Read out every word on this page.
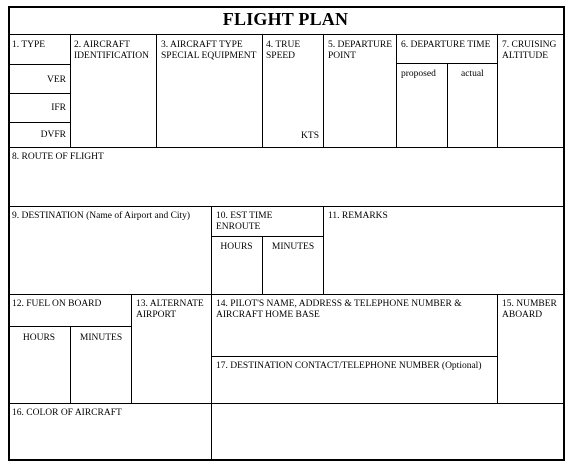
FLIGHT PLAN
1. TYPE
VER
IFR
DVFR
2. AIRCRAFT
IDENTIFICATION
3. AIRCRAFT TYPE
SPECIAL EQUIPMENT
4. TRUE
SPEED
KTS
5. DEPARTURE
POINT
6. DEPARTURE TIME
proposed	actual
7. CRUISING
ALTITUDE
8. ROUTE OF FLIGHT
9. DESTINATION (Name of Airport and City)	10. EST TIME
ENROUTE
HOURS	MINUTES
11. REMARKS
12. FUEL ON BOARD
HOURS	MINUTES
13. ALTERNATE
AIRPORT
14. PILOT'S NAME, ADDRESS & TELEPHONE NUMBER &
AIRCRAFT HOME BASE
15. NUMBER
ABOARD
17. DESTINATION CONTACT/TELEPHONE NUMBER (Optional)
16. COLOR OF AIRCRAFT
